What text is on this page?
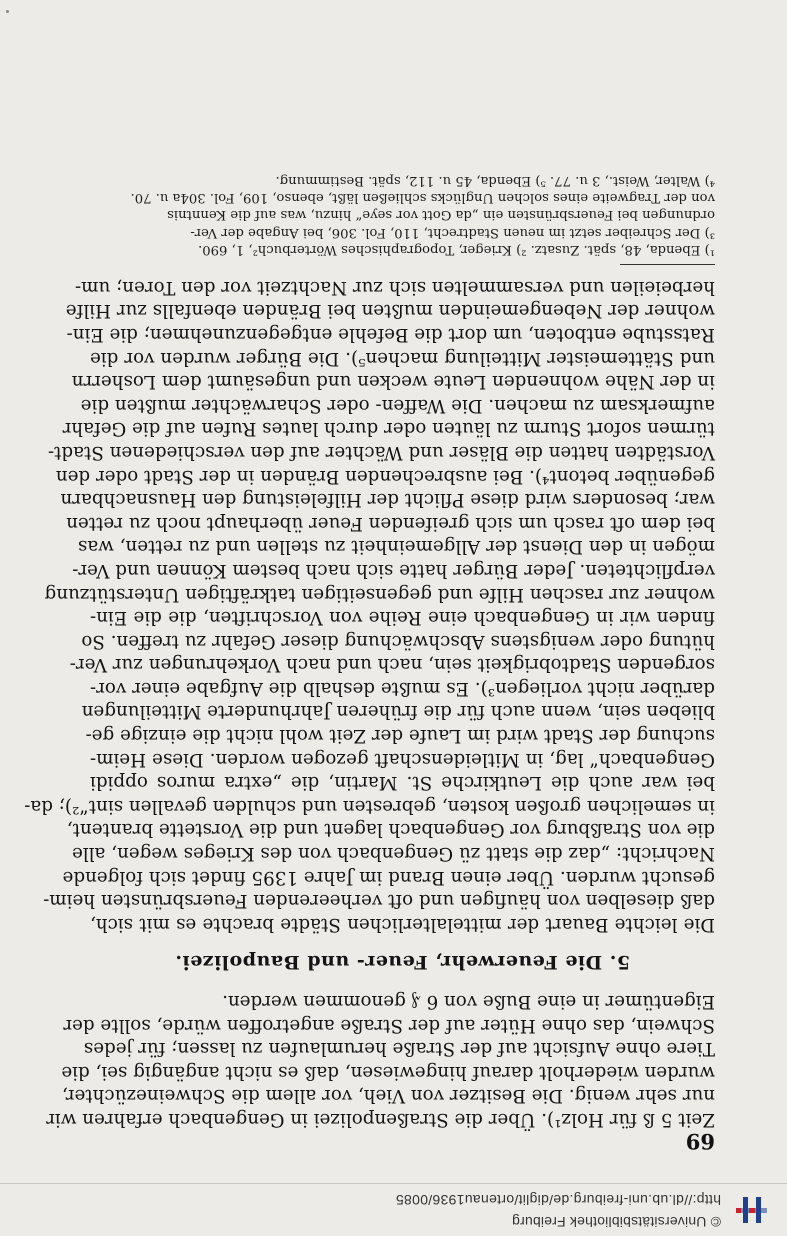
© Universitätsbibliothek Freiburg
http://dl.ub.uni-freiburg.de/diglit/ortenau1936/0085
69
Zeit 5 ß für Holz¹). Über die Straßenpolizei in Gengenbach erfahren wir
nur sehr wenig. Die Besitzer von Vieh, vor allem die Schweinezüchter,
wurden wiederholt darauf hingewiesen, daß es nicht angängig sei, die
Tiere ohne Aufsicht auf der Straße herumlaufen zu lassen; für jedes
Schwein, das ohne Hüter auf der Straße angetroffen würde, sollte der
Eigentümer in eine Buße von 6 ₰ genommen werden.
5. Die Feuerwehr, Feuer- und Baupolizei.
Die leichte Bauart der mittelalterlichen Städte brachte es mit sich,
daß dieselben von häufigen und oft verheerenden Feuersbrünsten heim-
gesucht wurden. Über einen Brand im Jahre 1395 findet sich folgende
Nachricht: „daz die statt zü Gengenbach von des Krieges wegen, alle
die von Straßburg vor Gengenbach lagent und die Vorstette brantent,
in semelichen großen kosten, gebresten und schulden gevallen sint“²); da-
bei war auch die Leutkirche St. Martin, die „extra muros oppidi
Gengenbach“ lag, in Mitleidenschaft gezogen worden. Diese Heim-
suchung der Stadt wird im Laufe der Zeit wohl nicht die einzige ge-
blieben sein, wenn auch für die früheren Jahrhunderte Mitteilungen
darüber nicht vorliegen³). Es mußte deshalb die Aufgabe einer vor-
sorgenden Stadtobrigkeit sein, nach und nach Vorkehrungen zur Ver-
hütung oder wenigstens Abschwächung dieser Gefahr zu treffen. So
finden wir in Gengenbach eine Reihe von Vorschriften, die die Ein-
wohner zur raschen Hilfe und gegenseitigen tatkräftigen Unterstützung
verpflichteten. Jeder Bürger hatte sich nach bestem Können und Ver-
mögen in den Dienst der Allgemeinheit zu stellen und zu retten, was
bei dem oft rasch um sich greifenden Feuer überhaupt noch zu retten
war; besonders wird diese Pflicht der Hilfeleistung den Hausnachbarn
gegenüber betont⁴). Bei ausbrechenden Bränden in der Stadt oder den
Vorstädten hatten die Bläser und Wächter auf den verschiedenen Stadt-
türmen sofort Sturm zu läuten oder durch lautes Rufen auf die Gefahr
aufmerksam zu machen. Die Waffen- oder Scharwächter mußten die
in der Nähe wohnenden Leute wecken und ungesäumt dem Losherrn
und Stättemeister Mitteilung machen⁵). Die Bürger wurden vor die
Ratsstube entboten, um dort die Befehle entgegenzunehmen; die Ein-
wohner der Nebengemeinden mußten bei Bränden ebenfalls zur Hilfe
herbeieilen und versammelten sich zur Nachtzeit vor den Toren; um-
¹) Ebenda, 48, spät. Zusatz. ²) Krieger, Topographisches Wörterbuch², 1, 690.
³) Der Schreiber setzt im neuen Stadtrecht, 110, Fol. 306, bei Angabe der Ver-
ordnungen bei Feuersbrünsten ein „da Gott vor seye“ hinzu, was auf die Kenntnis
von der Tragweite eines solchen Unglücks schließen läßt, ebenso, 109, Fol. 304a u. 70.
⁴) Walter, Weist., 3 u. 77. ⁵) Ebenda, 45 u. 112, spät. Bestimmung.
